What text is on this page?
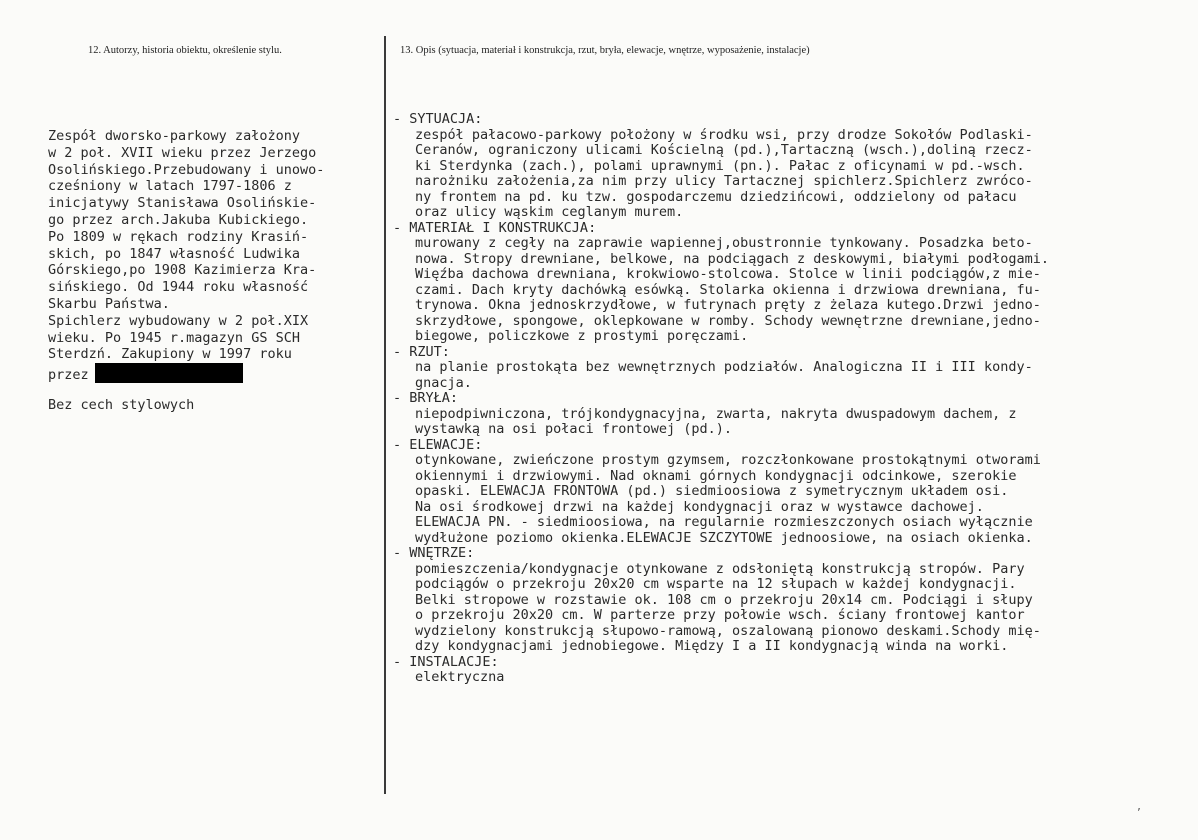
12. Autorzy, historia obiektu, określenie stylu.	13. Opis (sytuacja, materiał i konstrukcja, rzut, bryła, elewacje, wnętrze, wyposażenie, instalacje)
Zespół dworsko-parkowy założony
w 2 poł. XVII wieku przez Jerzego
Osolińskiego.Przebudowany i unowo-
cześniony w latach 1797-1806 z
inicjatywy Stanisława Osolińskie-
go przez arch.Jakuba Kubickiego.
Po 1809 w rękach rodziny Krasiń-
skich, po 1847 własność Ludwika
Górskiego,po 1908 Kazimierza Kra-
sińskiego. Od 1944 roku własność
Skarbu Państwa.
Spichlerz wybudowany w 2 poł.XIX
wieku. Po 1945 r.magazyn GS SCH
Sterdzń. Zakupiony w 1997 roku
przez
Bez cech stylowych
- SYTUACJA:
zespół pałacowo-parkowy położony w środku wsi, przy drodze Sokołów Podlaski-
Ceranów, ograniczony ulicami Kościelną (pd.),Tartaczną (wsch.),doliną rzecz-
ki Sterdynka (zach.), polami uprawnymi (pn.). Pałac z oficynami w pd.-wsch.
narożniku założenia,za nim przy ulicy Tartacznej spichlerz.Spichlerz zwróco-
ny frontem na pd. ku tzw. gospodarczemu dziedzińcowi, oddzielony od pałacu
oraz ulicy wąskim ceglanym murem.
- MATERIAŁ I KONSTRUKCJA:
murowany z cegły na zaprawie wapiennej,obustronnie tynkowany. Posadzka beto-
nowa. Stropy drewniane, belkowe, na podciągach z deskowymi, białymi podłogami.
Więźba dachowa drewniana, krokwiowo-stolcowa. Stolce w linii podciągów,z mie-
czami. Dach kryty dachówką esówką. Stolarka okienna i drzwiowa drewniana, fu-
trynowa. Okna jednoskrzydłowe, w futrynach pręty z żelaza kutego.Drzwi jedno-
skrzydłowe, spongowe, oklepkowane w romby. Schody wewnętrzne drewniane,jedno-
biegowe, policzkowe z prostymi poręczami.
- RZUT:
na planie prostokąta bez wewnętrznych podziałów. Analogiczna II i III kondy-
gnacja.
- BRYŁA:
niepodpiwniczona, trójkondygnacyjna, zwarta, nakryta dwuspadowym dachem, z
wystawką na osi połaci frontowej (pd.).
- ELEWACJE:
otynkowane, zwieńczone prostym gzymsem, rozczłonkowane prostokątnymi otworami
okiennymi i drzwiowymi. Nad oknami górnych kondygnacji odcinkowe, szerokie
opaski. ELEWACJA FRONTOWA (pd.) siedmioosiowa z symetrycznym układem osi.
Na osi środkowej drzwi na każdej kondygnacji oraz w wystawce dachowej.
ELEWACJA PN. - siedmioosiowa, na regularnie rozmieszczonych osiach wyłącznie
wydłużone poziomo okienka.ELEWACJE SZCZYTOWE jednoosiowe, na osiach okienka.
- WNĘTRZE:
pomieszczenia/kondygnacje otynkowane z odsłoniętą konstrukcją stropów. Pary
podciągów o przekroju 20x20 cm wsparte na 12 słupach w każdej kondygnacji.
Belki stropowe w rozstawie ok. 108 cm o przekroju 20x14 cm. Podciągi i słupy
o przekroju 20x20 cm. W parterze przy połowie wsch. ściany frontowej kantor
wydzielony konstrukcją słupowo-ramową, oszalowaną pionowo deskami.Schody mię-
dzy kondygnacjami jednobiegowe. Między I a II kondygnacją winda na worki.
- INSTALACJE:
elektryczna
’
